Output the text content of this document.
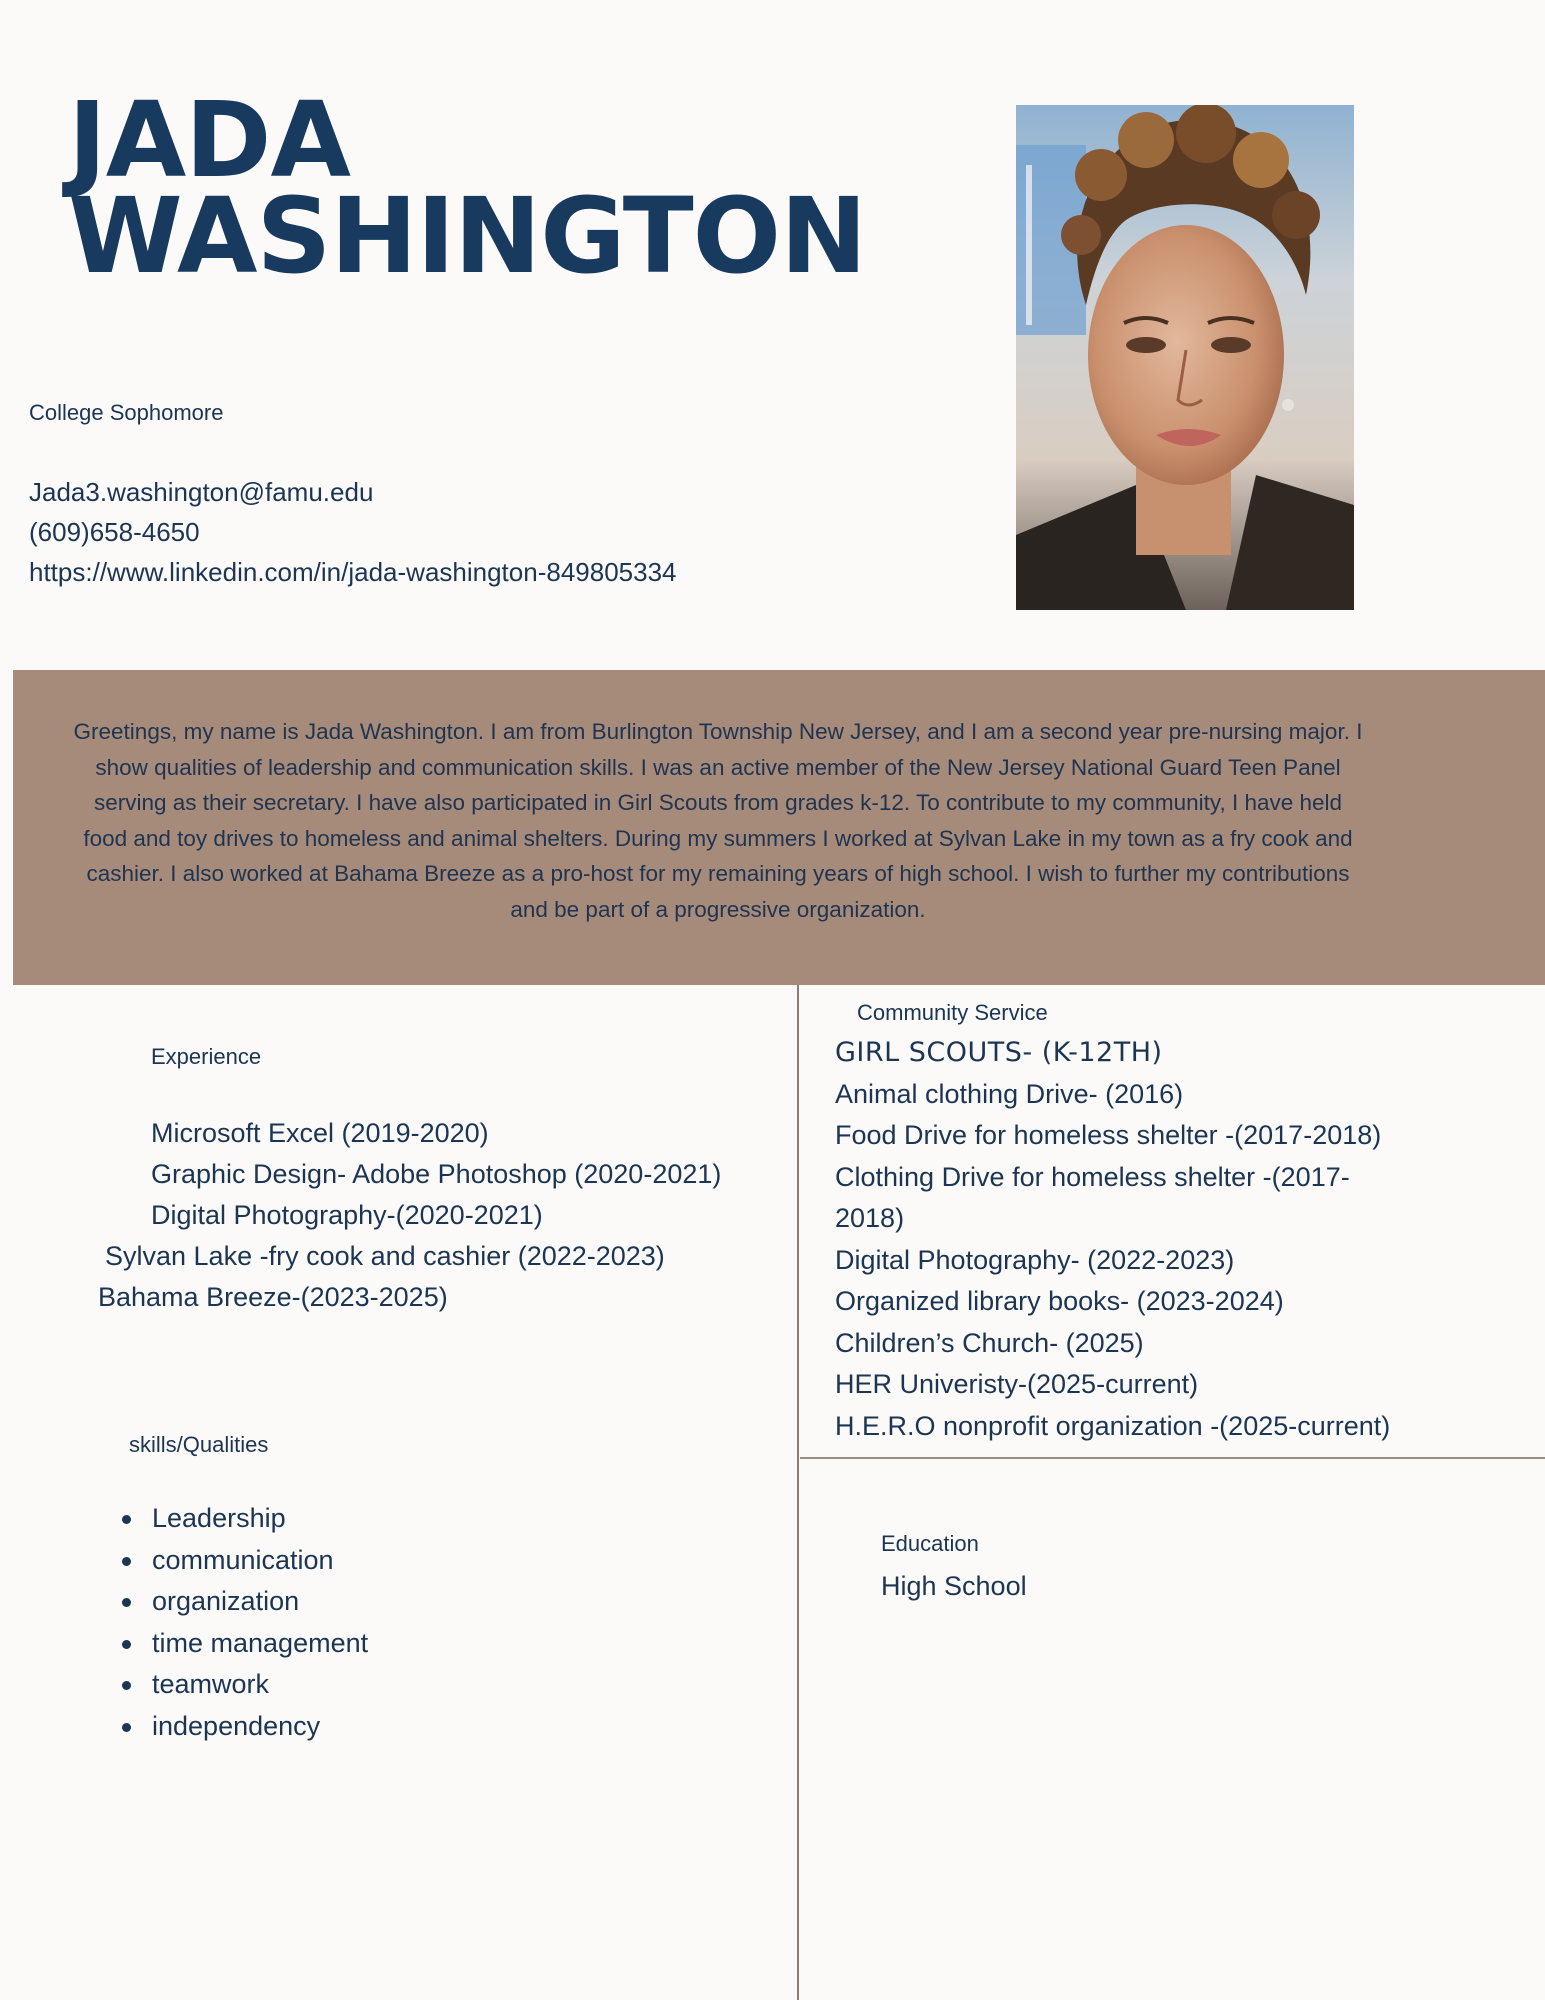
JADA
WASHINGTON
College Sophomore
Jada3.washington@famu.edu
(609)658-4650
https://www.linkedin.com/in/jada-washington-849805334

Greetings, my name is Jada Washington. I am from Burlington Township New Jersey, and I am a second year pre-nursing major. I show qualities of leadership and communication skills. I was an active member of the New Jersey National Guard Teen Panel serving as their secretary. I have also participated in Girl Scouts from grades k-12. To contribute to my community, I have held food and toy drives to homeless and animal shelters. During my summers I worked at Sylvan Lake in my town as a fry cook and cashier. I also worked at Bahama Breeze as a pro-host for my remaining years of high school. I wish to further my contributions and be part of a progressive organization.

Experience
Microsoft Excel (2019-2020)
Graphic Design- Adobe Photoshop (2020-2021)
Digital Photography-(2020-2021)
Sylvan Lake -fry cook and cashier (2022-2023)
Bahama Breeze-(2023-2025)
skills/Qualities
Leadership
communication
organization
time management
teamwork
independency
Community Service
GIRL SCOUTS- (K-12TH)
Animal clothing Drive- (2016)
Food Drive for homeless shelter -(2017-2018)
Clothing Drive for homeless shelter -(2017-
2018)
Digital Photography- (2022-2023)
Organized library books- (2023-2024)
Children’s Church- (2025)
HER Univeristy-(2025-current)
H.E.R.O nonprofit organization -(2025-current)
Education
High School
